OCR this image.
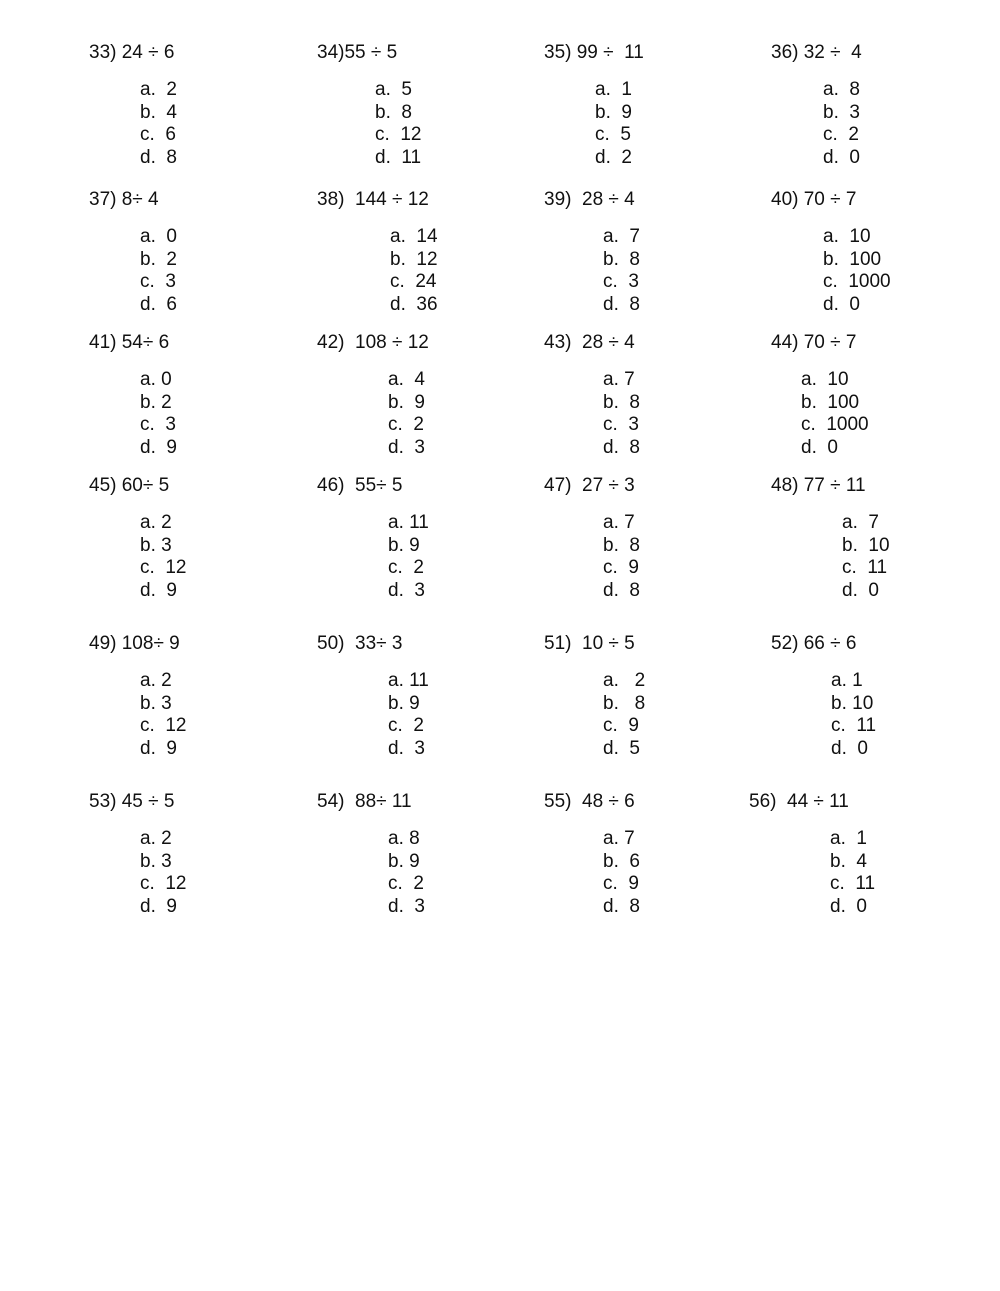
33) 24 ÷ 6
a.  2
b.  4
c.  6
d.  8
34)55 ÷ 5
a.  5
b.  8
c.  12
d.  11
35) 99 ÷  11
a.  1
b.  9
c.  5
d.  2
36) 32 ÷  4
a.  8
b.  3
c.  2
d.  0
37) 8÷ 4
a.  0
b.  2
c.  3
d.  6
38)  144 ÷ 12
a.  14
b.  12
c.  24
d.  36
39)  28 ÷ 4
a.  7
b.  8
c.  3
d.  8
40) 70 ÷ 7
a.  10
b.  100
c.  1000
d.  0
41) 54÷ 6
a. 0
b. 2
c.  3
d.  9
42)  108 ÷ 12
a.  4
b.  9
c.  2
d.  3
43)  28 ÷ 4
a. 7
b.  8
c.  3
d.  8
44) 70 ÷ 7
a.  10
b.  100
c.  1000
d.  0
45) 60÷ 5
a. 2
b. 3
c.  12
d.  9
46)  55÷ 5
a. 11
b. 9
c.  2
d.  3
47)  27 ÷ 3
a. 7
b.  8
c.  9
d.  8
48) 77 ÷ 11
a.  7
b.  10
c.  11
d.  0
49) 108÷ 9
a. 2
b. 3
c.  12
d.  9
50)  33÷ 3
a. 11
b. 9
c.  2
d.  3
51)  10 ÷ 5
a.   2
b.   8
c.  9
d.  5
52) 66 ÷ 6
a. 1
b. 10
c.  11
d.  0
53) 45 ÷ 5
a. 2
b. 3
c.  12
d.  9
54)  88÷ 11
a. 8
b. 9
c.  2
d.  3
55)  48 ÷ 6
a. 7
b.  6
c.  9
d.  8
56)  44 ÷ 11
a.  1
b.  4
c.  11
d.  0
